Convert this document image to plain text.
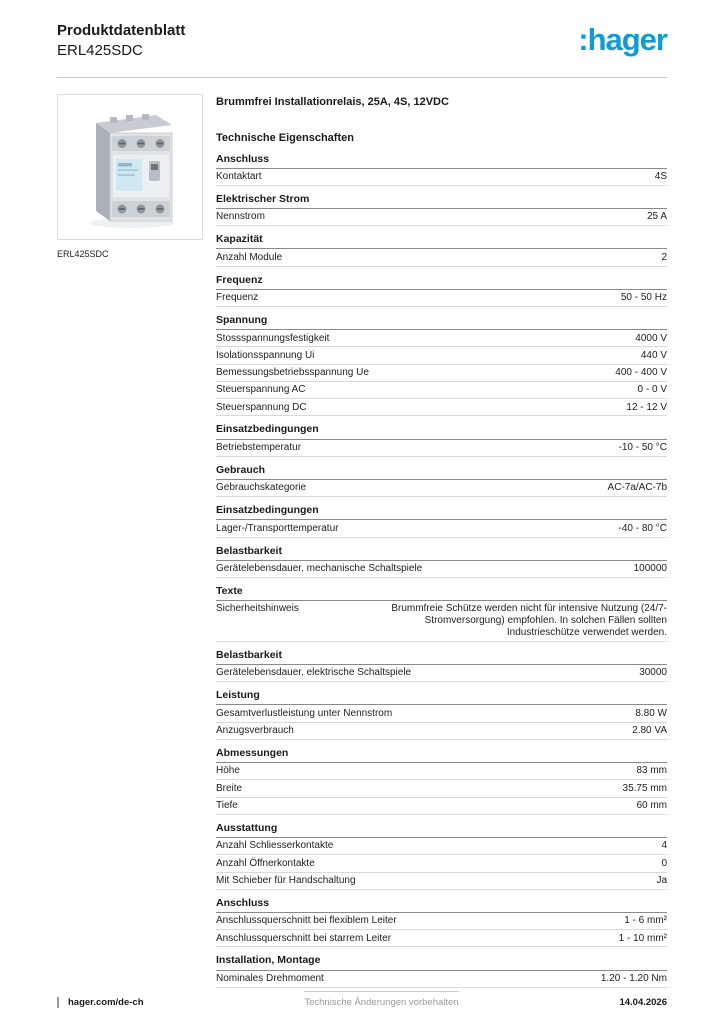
Produktdatenblatt
ERL425SDC	:hager
ERL425SDC
Brummfrei Installationrelais, 25A, 4S, 12VDC
Technische Eigenschaften
Anschluss
Kontaktart	4S
Elektrischer Strom
Nennstrom	25 A
Kapazität
Anzahl Module	2
Frequenz
Frequenz	50 - 50 Hz
Spannung
Stossspannungsfestigkeit	4000 V
Isolationsspannung Ui	440 V
Bemessungsbetriebsspannung Ue	400 - 400 V
Steuerspannung AC	0 - 0 V
Steuerspannung DC	12 - 12 V
Einsatzbedingungen
Betriebstemperatur	-10 - 50 °C
Gebrauch
Gebrauchskategorie	AC-7a/AC-7b
Einsatzbedingungen
Lager-/Transporttemperatur	-40 - 80 °C
Belastbarkeit
Gerätelebensdauer, mechanische Schaltspiele	100000
Texte
Sicherheitshinweis	Brummfreie Schütze werden nicht für intensive Nutzung (24/7-Stromversorgung) empfohlen. In solchen Fällen sollten Industrieschütze verwendet werden.
Belastbarkeit
Gerätelebensdauer, elektrische Schaltspiele	30000
Leistung
Gesamtverlustleistung unter Nennstrom	8.80 W
Anzugsverbrauch	2.80 VA
Abmessungen
Höhe	83 mm
Breite	35.75 mm
Tiefe	60 mm
Ausstattung
Anzahl Schliesserkontakte	4
Anzahl Öffnerkontakte	0
Mit Schieber für Handschaltung	Ja
Anschluss
Anschlussquerschnitt bei flexiblem Leiter	1 - 6 mm²
Anschlussquerschnitt bei starrem Leiter	1 - 10 mm²
Installation, Montage
Nominales Drehmoment	1.20 - 1.20 Nm
hager.com/de-ch	Technische Änderungen vorbehalten	14.04.2026
